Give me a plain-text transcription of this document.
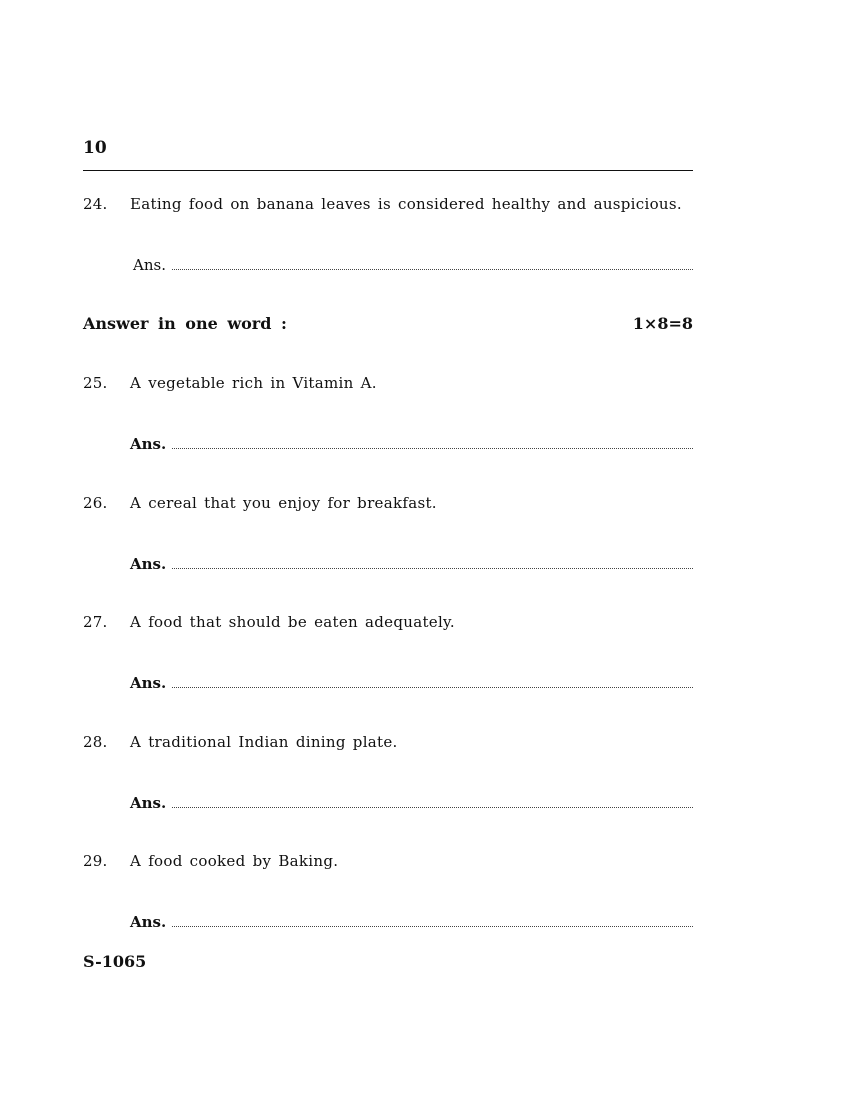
10
24. Eating food on banana leaves is considered healthy and auspicious.
Ans.
Answer in one word :	1×8=8
25. A vegetable rich in Vitamin A.
Ans.
26. A cereal that you enjoy for breakfast.
Ans.
27. A food that should be eaten adequately.
Ans.
28. A traditional Indian dining plate.
Ans.
29. A food cooked by Baking.
Ans.
S-1065
